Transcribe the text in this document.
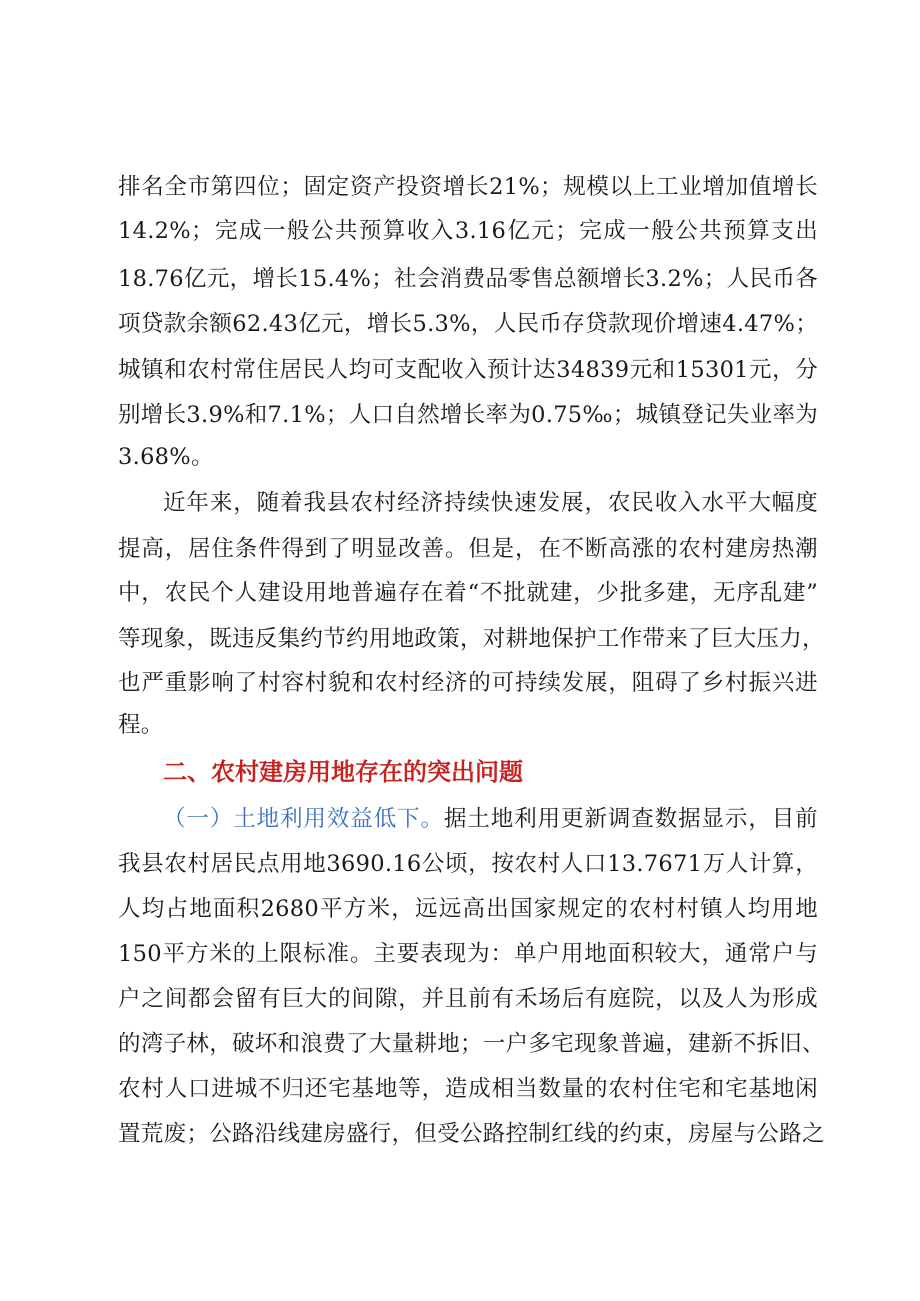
排名全市第四位；固定资产投资增长21%；规模以上工业增加值增长
14.2%；完成一般公共预算收入3.16亿元；完成一般公共预算支出
18.76亿元，增长15.4%；社会消费品零售总额增长3.2%；人民币各
项贷款余额62.43亿元，增长5.3%，人民币存贷款现价增速4.47%；
城镇和农村常住居民人均可支配收入预计达34839元和15301元，分
别增长3.9%和7.1%；人口自然增长率为0.75‰；城镇登记失业率为
3.68%。
近年来，随着我县农村经济持续快速发展，农民收入水平大幅度
提高，居住条件得到了明显改善。但是，在不断高涨的农村建房热潮
中，农民个人建设用地普遍存在着“不批就建，少批多建，无序乱建”
等现象，既违反集约节约用地政策，对耕地保护工作带来了巨大压力，
也严重影响了村容村貌和农村经济的可持续发展，阻碍了乡村振兴进
程。
二、农村建房用地存在的突出问题
（一）土地利用效益低下。据土地利用更新调查数据显示，目前
我县农村居民点用地3690.16公顷，按农村人口13.7671万人计算，
人均占地面积2680平方米，远远高出国家规定的农村村镇人均用地
150平方米的上限标准。主要表现为：单户用地面积较大，通常户与
户之间都会留有巨大的间隙，并且前有禾场后有庭院，以及人为形成
的湾子林，破坏和浪费了大量耕地；一户多宅现象普遍，建新不拆旧、
农村人口进城不归还宅基地等，造成相当数量的农村住宅和宅基地闲
置荒废；公路沿线建房盛行，但受公路控制红线的约束，房屋与公路之
